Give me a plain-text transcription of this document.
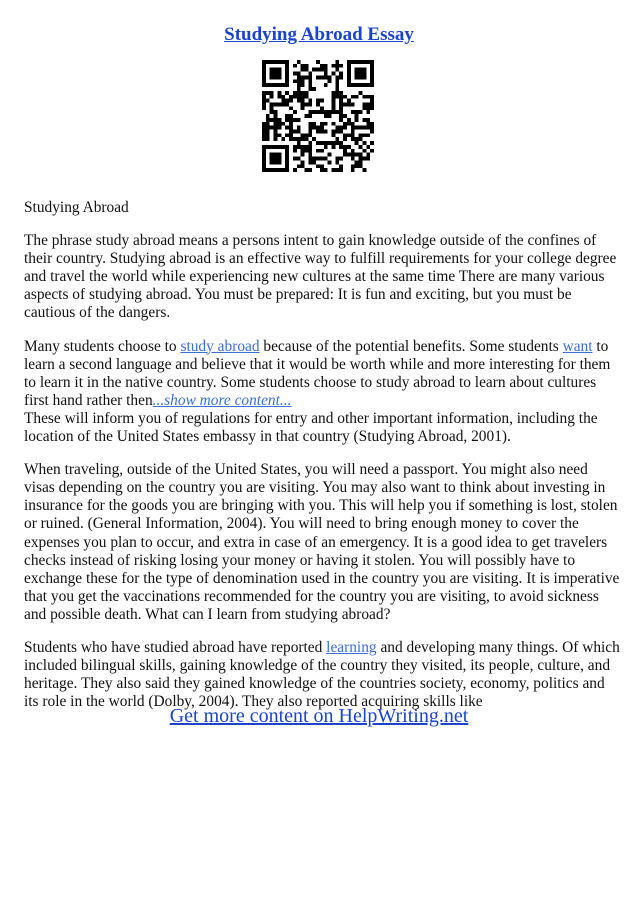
Studying Abroad Essay

Studying Abroad

The phrase study abroad means a persons intent to gain knowledge outside of the confines of their country. Studying abroad is an effective way to fulfill requirements for your college degree and travel the world while experiencing new cultures at the same time There are many various aspects of studying abroad. You must be prepared: It is fun and exciting, but you must be cautious of the dangers.

Many students choose to study abroad because of the potential benefits. Some students want to learn a second language and believe that it would be worth while and more interesting for them to learn it in the native country. Some students choose to study abroad to learn about cultures first hand rather then...show more content...
These will inform you of regulations for entry and other important information, including the location of the United States embassy in that country (Studying Abroad, 2001).

When traveling, outside of the United States, you will need a passport. You might also need visas depending on the country you are visiting. You may also want to think about investing in insurance for the goods you are bringing with you. This will help you if something is lost, stolen or ruined. (General Information, 2004). You will need to bring enough money to cover the expenses you plan to occur, and extra in case of an emergency. It is a good idea to get travelers checks instead of risking losing your money or having it stolen. You will possibly have to exchange these for the type of denomination used in the country you are visiting. It is imperative that you get the vaccinations recommended for the country you are visiting, to avoid sickness and possible death. What can I learn from studying abroad?

Students who have studied abroad have reported learning and developing many things. Of which included bilingual skills, gaining knowledge of the country they visited, its people, culture, and heritage. They also said they gained knowledge of the countries society, economy, politics and its role in the world (Dolby, 2004). They also reported acquiring skills like

Get more content on HelpWriting.net
